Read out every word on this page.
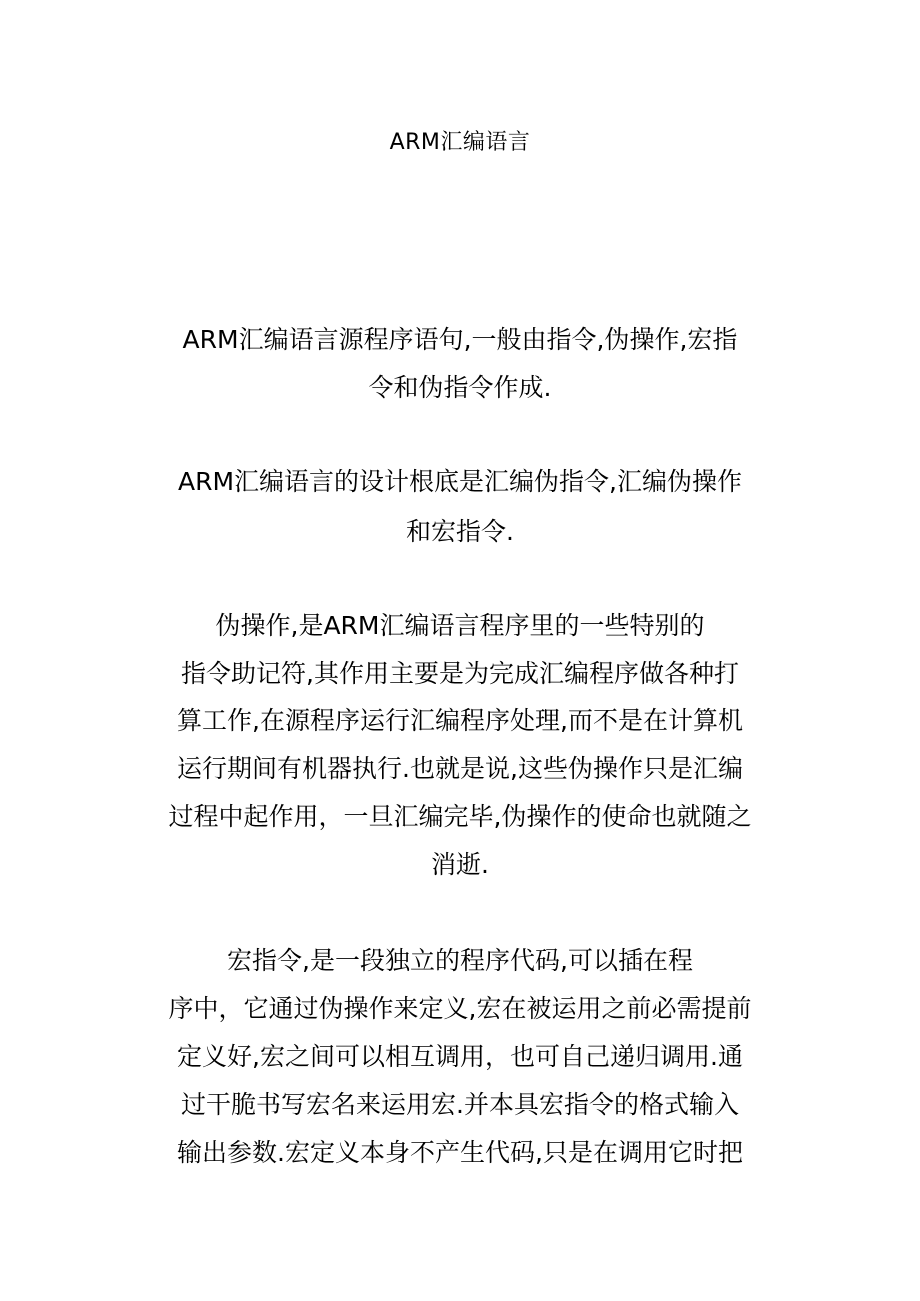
ARM汇编语言

ARM汇编语言源程序语句,一般由指令,伪操作,宏指

令和伪指令作成.

ARM汇编语言的设计根底是汇编伪指令,汇编伪操作

和宏指令.

伪操作,是ARM汇编语言程序里的一些特别的

指令助记符,其作用主要是为完成汇编程序做各种打

算工作,在源程序运行汇编程序处理,而不是在计算机

运行期间有机器执行.也就是说,这些伪操作只是汇编

过程中起作用，一旦汇编完毕,伪操作的使命也就随之

消逝.

宏指令,是一段独立的程序代码,可以插在程

序中，它通过伪操作来定义,宏在被运用之前必需提前

定义好,宏之间可以相互调用，也可自己递归调用.通

过干脆书写宏名来运用宏.并本具宏指令的格式输入

输出参数.宏定义本身不产生代码,只是在调用它时把
